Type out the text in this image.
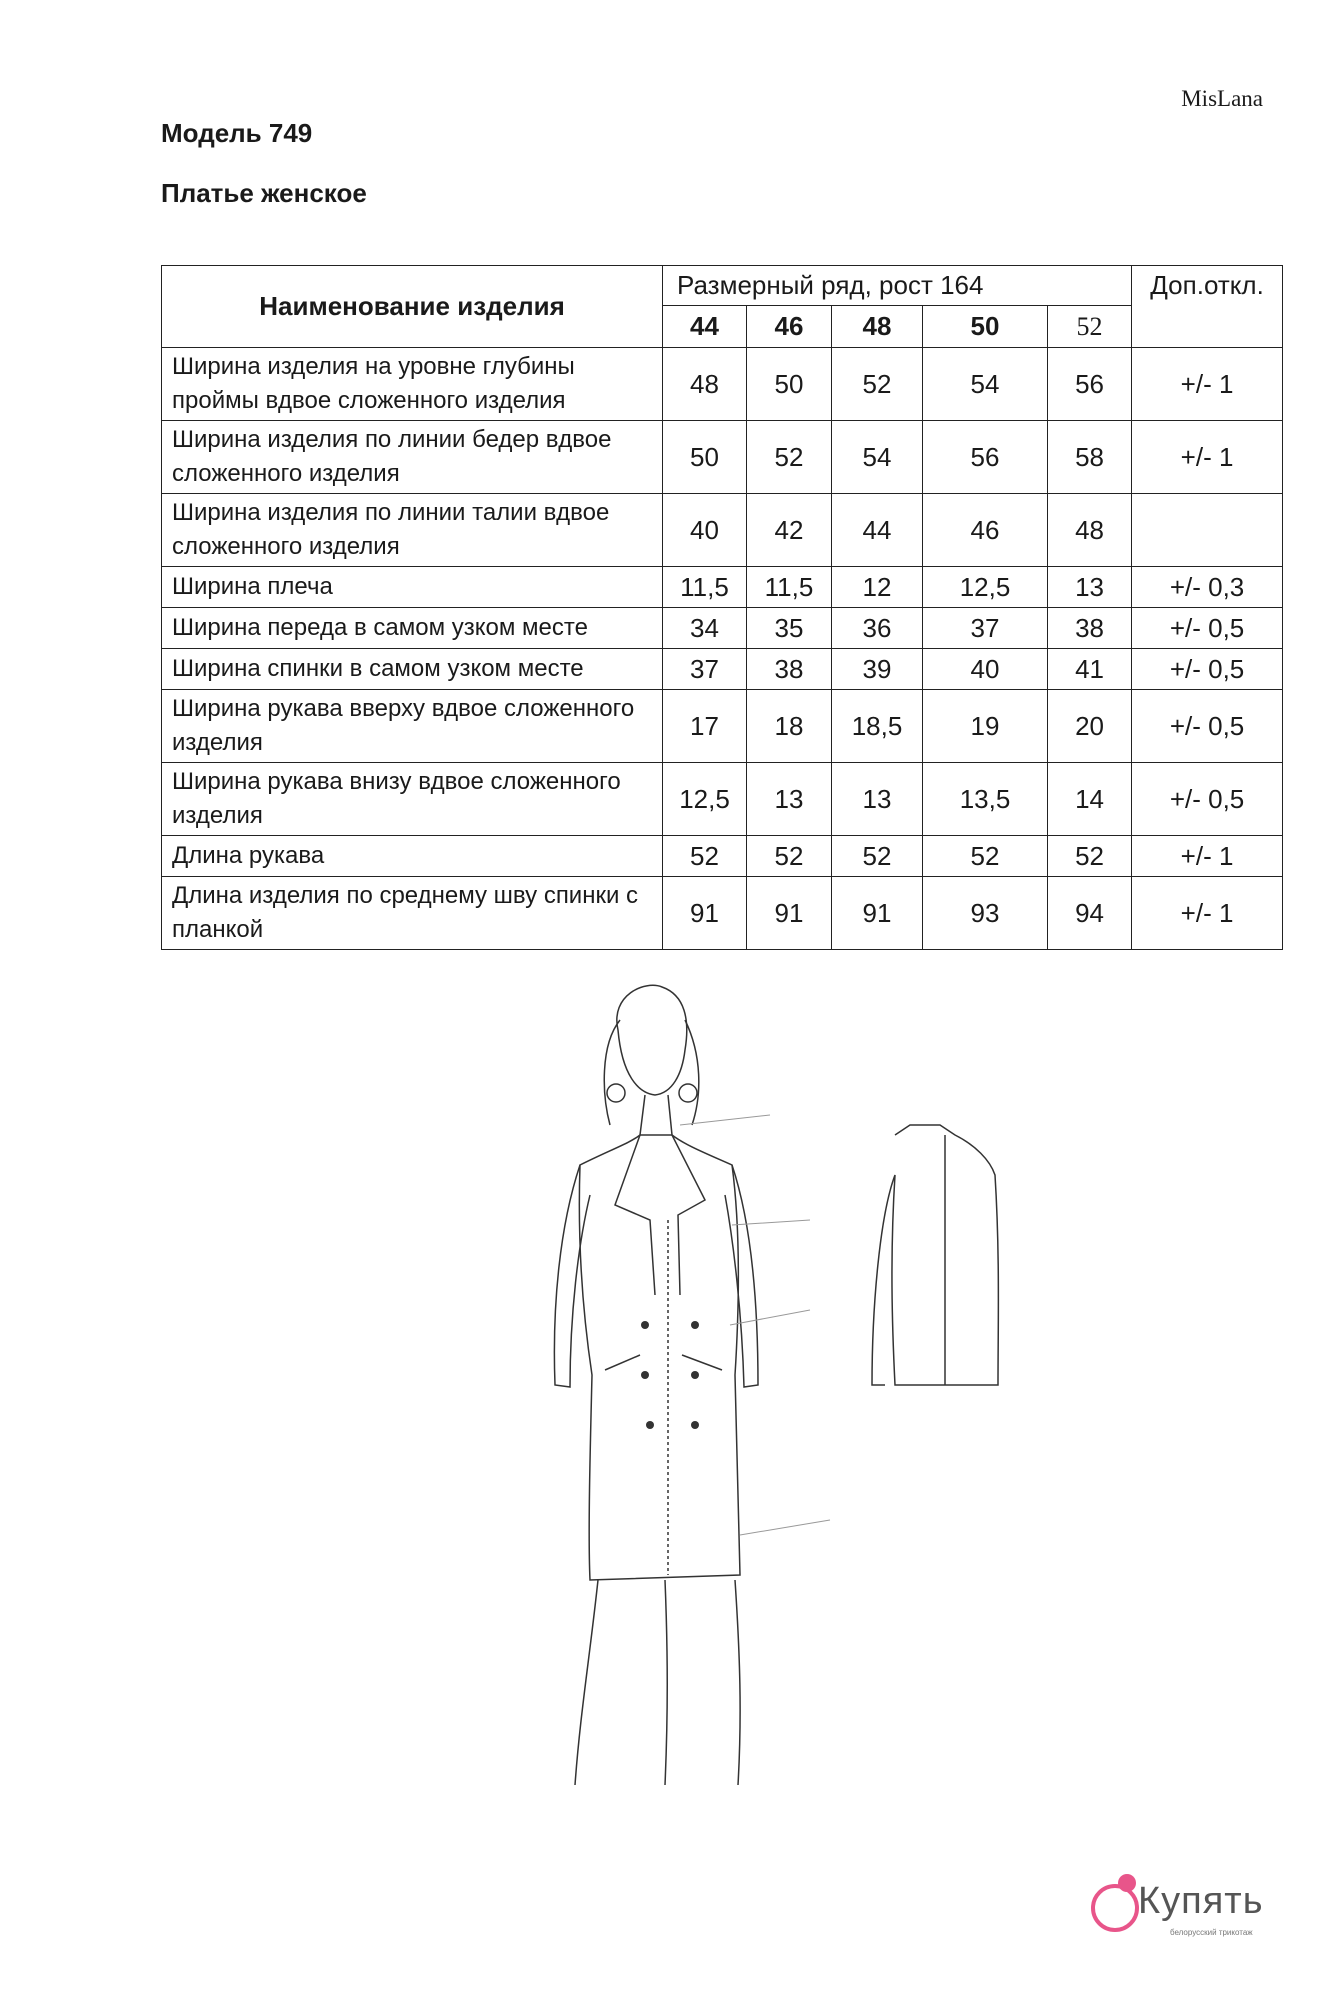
MisLana
Модель 749
Платье женское
Наименование изделия	Размерный ряд, рост 164					Доп.откл.
	44	46	48	50	52	
Ширина изделия на уровне глубины проймы вдвое сложенного изделия	48	50	52	54	56	+/- 1
Ширина изделия по линии бедер вдвое сложенного изделия	50	52	54	56	58	+/- 1
Ширина изделия по линии талии вдвое сложенного изделия	40	42	44	46	48	
Ширина плеча	11,5	11,5	12	12,5	13	+/- 0,3
Ширина переда в самом узком месте	34	35	36	37	38	+/- 0,5
Ширина спинки в самом узком месте	37	38	39	40	41	+/- 0,5
Ширина рукава вверху вдвое сложенного изделия	17	18	18,5	19	20	+/- 0,5
Ширина рукава внизу вдвое сложенного изделия	12,5	13	13	13,5	14	+/- 0,5
Длина рукава	52	52	52	52	52	+/- 1
Длина изделия по среднему шву спинки с планкой	91	91	91	93	94	+/- 1
Купять
белорусский трикотаж
